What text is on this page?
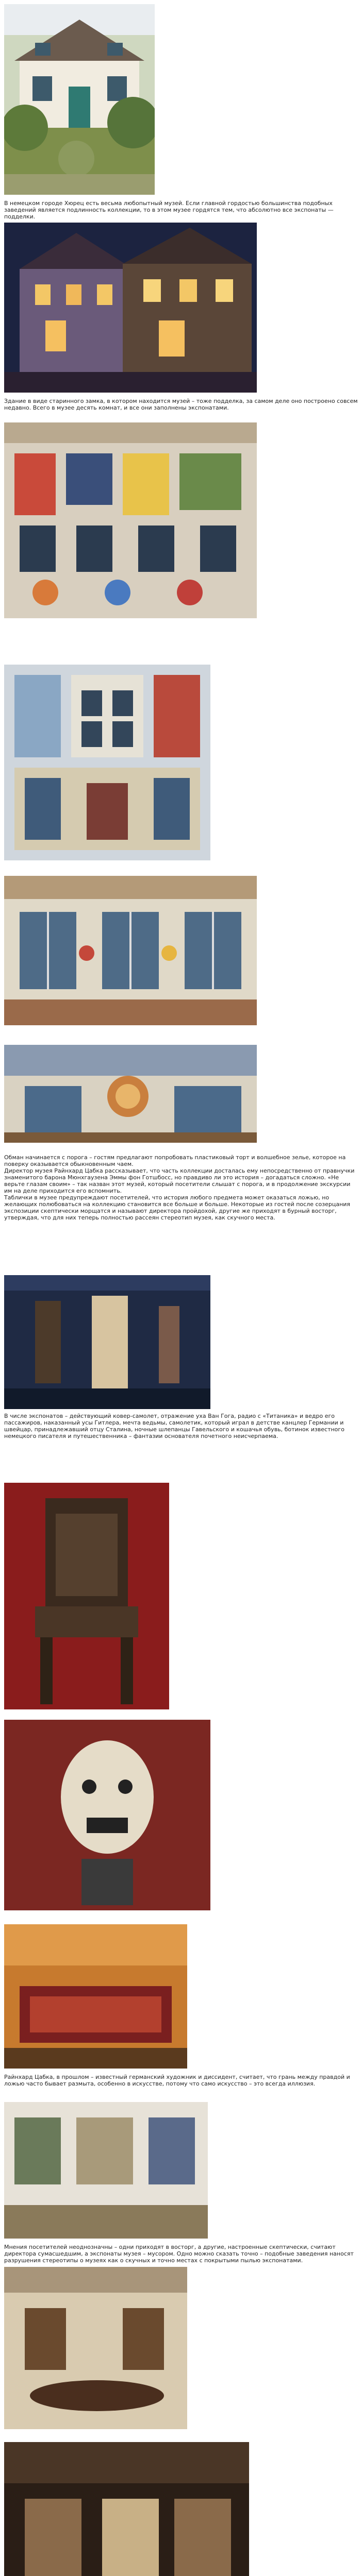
В немецком городе Хюрец есть весьма любопытный музей. Если главной гордостью большинства подобных заведений является подлинность коллекции, то в этом музее гордятся тем, что абсолютно все экспонаты — подделки.

Здание в виде старинного замка, в котором находится музей – тоже подделка, за самом деле оно построено совсем недавно. Всего в музее десять комнат, и все они заполнены экспонатами.

Обман начинается с порога – гостям предлагают попробовать пластиковый торт и волшебное зелье, которое на поверку оказывается обыкновенным чаем.

Директор музея Райнхард Цабка рассказывает, что часть коллекции досталась ему непосредственно от правнучки знаменитого барона Мюнхгаузена Эммы фон Готшбосс, но правдиво ли это история – догадаться сложно. «Не верьте глазам своим» – так назван этот музей, который посетители слышат с порога, и в продолжение экскурсии им на деле приходится его вспомнить.

Таблички в музее предупреждают посетителей, что история любого предмета может оказаться ложью, но желающих полюбоваться на коллекцию становится все больше и больше. Некоторые из гостей после созерцания экспозиции скептически морщатся и называют директора пройдохой, другие же приходят в бурный восторг, утверждая, что для них теперь полностью рассеян стереотип музея, как скучного места.

В числе экспонатов – действующий ковер-самолет, отражение уха Ван Гога, радио с «Титаника» и ведро его пассажиров, наказанный усы Гитлера, мечта ведьмы, самолетик, который играл в детстве канцлер Германии и швейцар, принадлежавший отцу Сталина, ночные шлепанцы Гавельского и кошачья обувь, ботинок известного немецкого писателя и путешественника – фантазии основателя почетного неисчерпаема.

Райнхард Цабка, в прошлом – известный германский художник и диссидент, считает, что грань между правдой и ложью часто бывает размыта, особенно в искусстве, потому что само искусство – это всегда иллюзия.

Мнения посетителей неоднозначны – одни приходят в восторг, а другие, настроенные скептически, считают директора сумасшедшим, а экспонаты музея – мусором. Одно можно сказать точно – подобные заведения наносят разрушения стереотипы о музеях как о скучных и точно местах с покрытыми пылью экспонатами.
